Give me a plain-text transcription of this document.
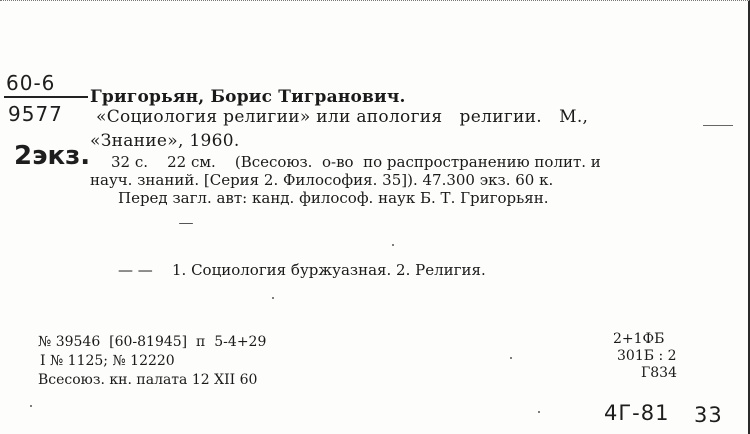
60-6
9577
2экз.
Григорьян, Борис Тигранович.
«Социология религии» или апология   религии.   М.,
«Знание», 1960.
32 с.    22 см.    (Всесоюз.  о-во  по распространению полит. и
науч. знаний. [Серия 2. Философия. 35]). 47.300 экз. 60 к.
Перед загл. авт: канд. философ. наук Б. Т. Григорьян.
— — 1. Социология буржуазная. 2. Религия.
№ 39546  [60-81945]  п  5-4+29
I № 1125; № 12220
Всесоюз. кн. палата 12 XII 60
2+1ФБ
301Б : 2
Г834
4Г-81 33
